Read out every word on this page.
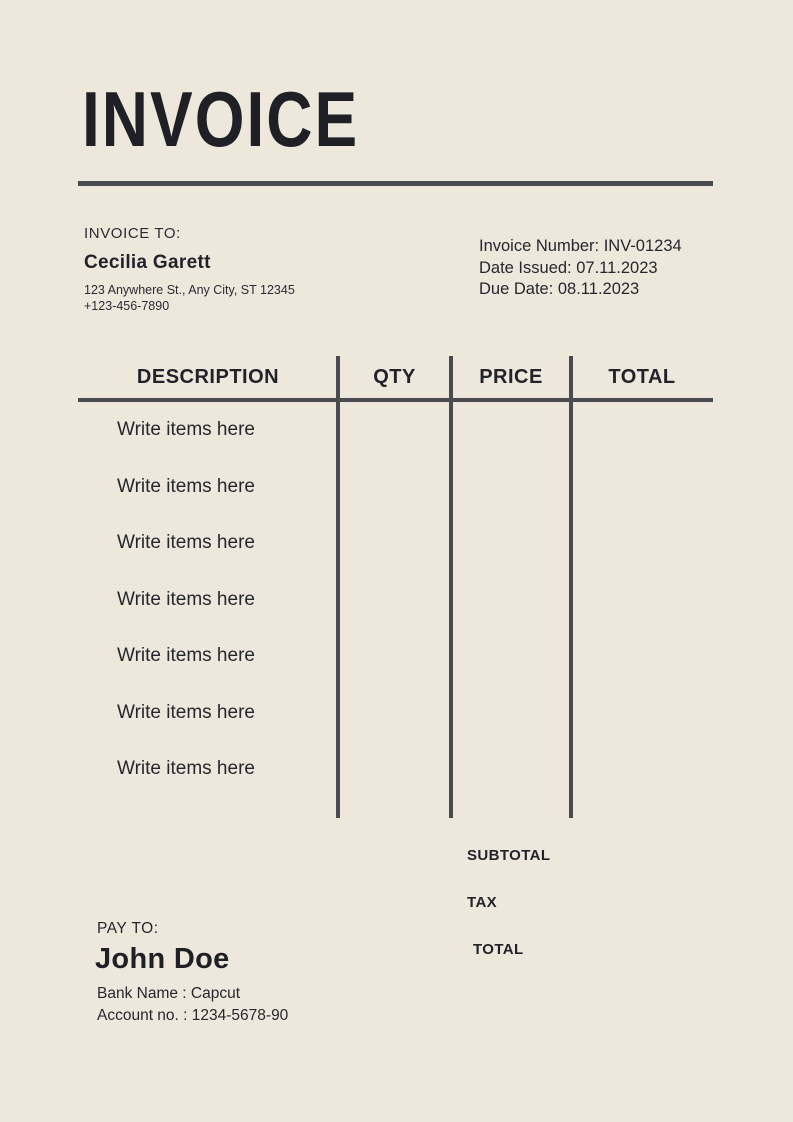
INVOICE
INVOICE TO:
Cecilia Garett
123 Anywhere St., Any City, ST 12345
+123-456-7890
Invoice Number: INV-01234
Date Issued: 07.11.2023
Due Date: 08.11.2023
DESCRIPTION	QTY	PRICE	TOTAL
Write items here
Write items here
Write items here
Write items here
Write items here
Write items here
Write items here
SUBTOTAL
TAX
TOTAL
PAY TO:
John Doe
Bank Name : Capcut
Account no. : 1234-5678-90
